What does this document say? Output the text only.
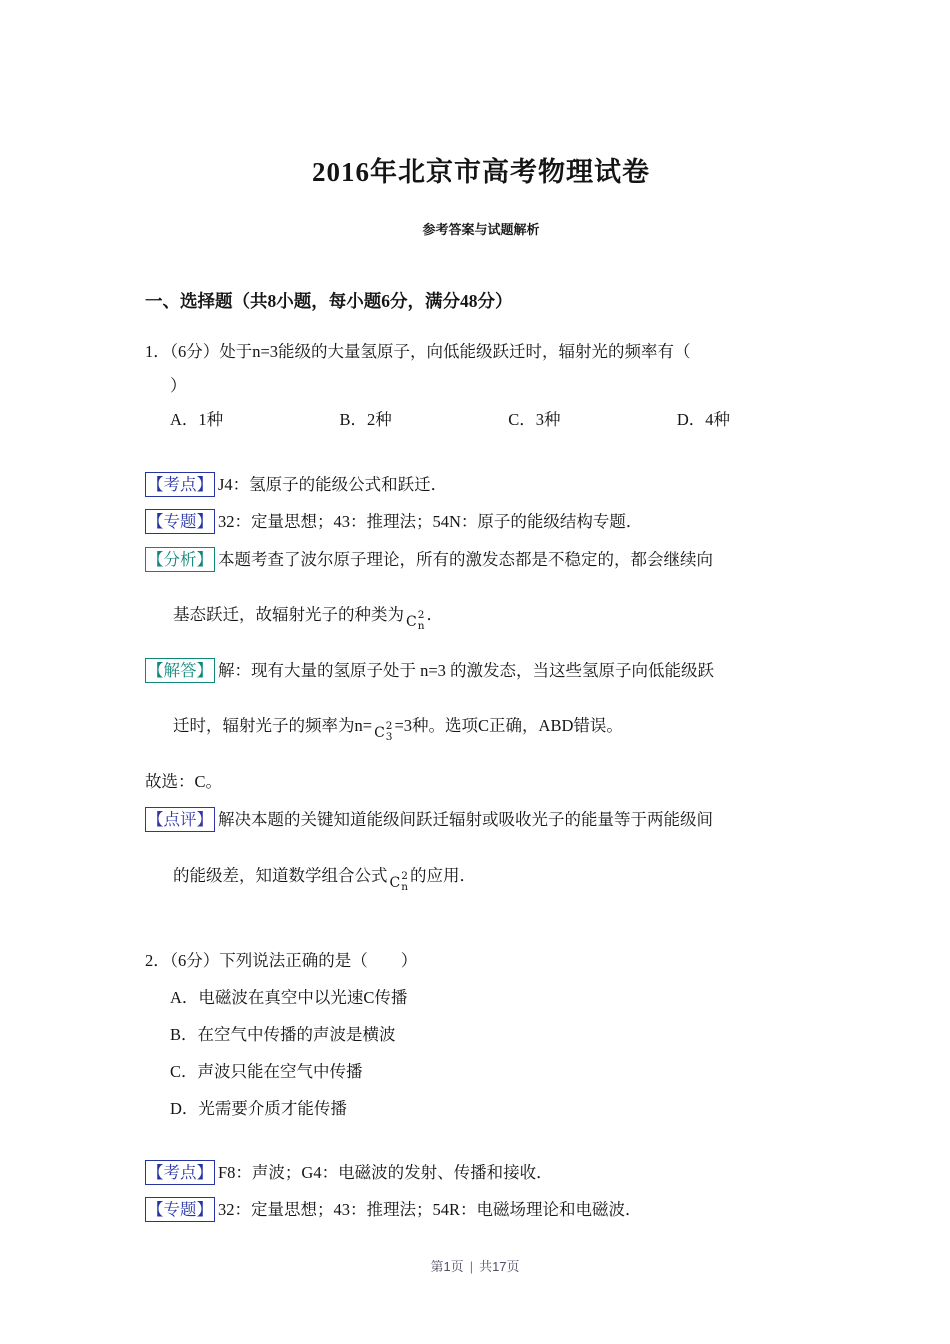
2016年北京市高考物理试卷
参考答案与试题解析
一、选择题（共8小题，每小题6分，满分48分）
1．（6分）处于n=3能级的大量氢原子，向低能级跃迁时，辐射光的频率有（
）
A．1种	B．2种	C．3种	D．4种
【考点】 J4：氢原子的能级公式和跃迁．
【专题】 32：定量思想；43：推理法；54N：原子的能级结构专题．
【分析】 本题考查了波尔原子理论，所有的激发态都是不稳定的，都会继续向
基态跃迁，故辐射光子的种类为 C 2
n
．
【解答】 解：现有大量的氢原子处于 n=3 的激发态，当这些氢原子向低能级跃
迁时，辐射光子的频率为n= C 2
3
=3种。选项C正确，ABD错误。
故选：C。
【点评】 解决本题的关键知道能级间跃迁辐射或吸收光子的能量等于两能级间
的能级差，知道数学组合公式 C 2
n
的应用．
2．（6分）下列说法正确的是（　　）
A．电磁波在真空中以光速C传播
B．在空气中传播的声波是横波
C．声波只能在空气中传播
D．光需要介质才能传播
【考点】 F8：声波；G4：电磁波的发射、传播和接收．
【专题】 32：定量思想；43：推理法；54R：电磁场理论和电磁波．
第1页 | 共17页
